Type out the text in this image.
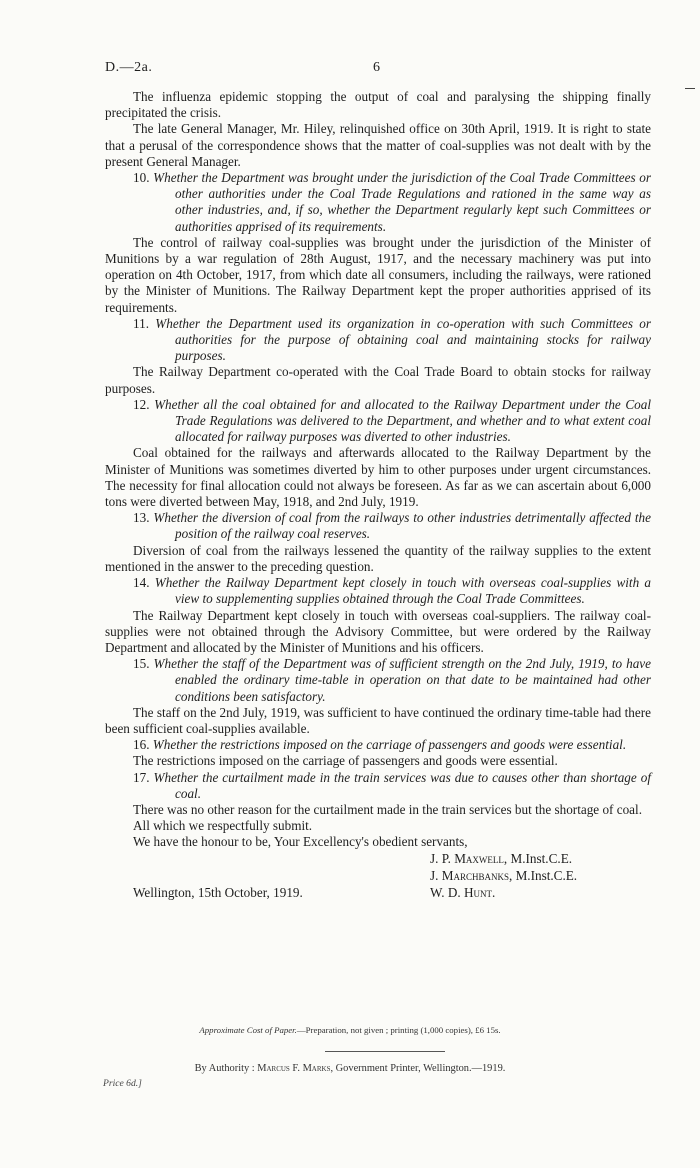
D.—2a.	6

The influenza epidemic stopping the output of coal and paralysing the shipping finally precipitated the crisis.

The late General Manager, Mr. Hiley, relinquished office on 30th April, 1919. It is right to state that a perusal of the correspondence shows that the matter of coal-supplies was not dealt with by the present General Manager.

10. Whether the Department was brought under the jurisdiction of the Coal Trade Committees or other authorities under the Coal Trade Regulations and rationed in the same way as other industries, and, if so, whether the Department regularly kept such Committees or authorities apprised of its requirements.

The control of railway coal-supplies was brought under the jurisdiction of the Minister of Munitions by a war regulation of 28th August, 1917, and the necessary machinery was put into operation on 4th October, 1917, from which date all consumers, including the railways, were rationed by the Minister of Munitions. The Railway Department kept the proper authorities apprised of its requirements.

11. Whether the Department used its organization in co-operation with such Committees or authorities for the purpose of obtaining coal and maintaining stocks for railway purposes.

The Railway Department co-operated with the Coal Trade Board to obtain stocks for railway purposes.

12. Whether all the coal obtained for and allocated to the Railway Department under the Coal Trade Regulations was delivered to the Department, and whether and to what extent coal allocated for railway purposes was diverted to other industries.

Coal obtained for the railways and afterwards allocated to the Railway Department by the Minister of Munitions was sometimes diverted by him to other purposes under urgent circumstances. The necessity for final allocation could not always be foreseen. As far as we can ascertain about 6,000 tons were diverted between May, 1918, and 2nd July, 1919.

13. Whether the diversion of coal from the railways to other industries detrimentally affected the position of the railway coal reserves.

Diversion of coal from the railways lessened the quantity of the railway supplies to the extent mentioned in the answer to the preceding question.

14. Whether the Railway Department kept closely in touch with overseas coal-supplies with a view to supplementing supplies obtained through the Coal Trade Committees.

The Railway Department kept closely in touch with overseas coal-suppliers. The railway coal-supplies were not obtained through the Advisory Committee, but were ordered by the Railway Department and allocated by the Minister of Munitions and his officers.

15. Whether the staff of the Department was of sufficient strength on the 2nd July, 1919, to have enabled the ordinary time-table in operation on that date to be maintained had other conditions been satisfactory.

The staff on the 2nd July, 1919, was sufficient to have continued the ordinary time-table had there been sufficient coal-supplies available.

16. Whether the restrictions imposed on the carriage of passengers and goods were essential.

The restrictions imposed on the carriage of passengers and goods were essential.

17. Whether the curtailment made in the train services was due to causes other than shortage of coal.

There was no other reason for the curtailment made in the train services but the shortage of coal.

All which we respectfully submit.

We have the honour to be, Your Excellency's obedient servants,

J. P. Maxwell, M.Inst.C.E.
J. Marchbanks, M.Inst.C.E.
Wellington, 15th October, 1919.	W. D. Hunt.
Approximate Cost of Paper.—Preparation, not given ; printing (1,000 copies), £6 15s.
By Authority : Marcus F. Marks, Government Printer, Wellington.—1919.
Price 6d.]
